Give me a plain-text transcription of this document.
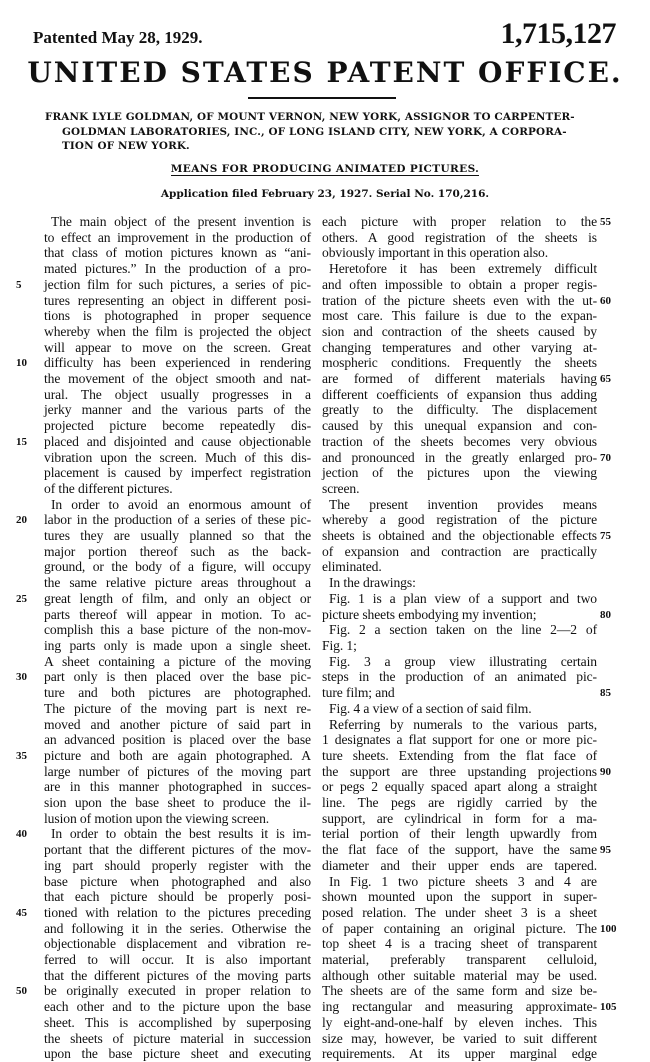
Patented May 28, 1929.	1,715,127
UNITED STATES PATENT OFFICE.
FRANK LYLE GOLDMAN, OF MOUNT VERNON, NEW YORK, ASSIGNOR TO CARPENTER-
GOLDMAN LABORATORIES, INC., OF LONG ISLAND CITY, NEW YORK, A CORPORA-
TION OF NEW YORK.
MEANS FOR PRODUCING ANIMATED PICTURES.
Application filed February 23, 1927. Serial No. 170,216.
The main object of the present invention is
to effect an improvement in the production of
that class of motion pictures known as “ani-
mated pictures.” In the production of a pro-
jection film for such pictures, a series of pic-
tures representing an object in different posi-
tions is photographed in proper sequence
whereby when the film is projected the object
will appear to move on the screen. Great
difficulty has been experienced in rendering
the movement of the object smooth and nat-
ural. The object usually progresses in a
jerky manner and the various parts of the
projected picture become repeatedly dis-
placed and disjointed and cause objectionable
vibration upon the screen. Much of this dis-
placement is caused by imperfect registration
of the different pictures.
In order to avoid an enormous amount of
labor in the production of a series of these pic-
tures they are usually planned so that the
major portion thereof such as the back-
ground, or the body of a figure, will occupy
the same relative picture areas throughout a
great length of film, and only an object or
parts thereof will appear in motion. To ac-
complish this a base picture of the non-mov-
ing parts only is made upon a single sheet.
A sheet containing a picture of the moving
part only is then placed over the base pic-
ture and both pictures are photographed.
The picture of the moving part is next re-
moved and another picture of said part in
an advanced position is placed over the base
picture and both are again photographed. A
large number of pictures of the moving part
are in this manner photographed in succes-
sion upon the base sheet to produce the il-
lusion of motion upon the viewing screen.
In order to obtain the best results it is im-
portant that the different pictures of the mov-
ing part should properly register with the
base picture when photographed and also
that each picture should be properly posi-
tioned with relation to the pictures preceding
and following it in the series. Otherwise the
objectionable displacement and vibration re-
ferred to will occur. It is also important
that the different pictures of the moving parts
be originally executed in proper relation to
each other and to the picture upon the base
sheet. This is accomplished by superposing
the sheets of picture material in succession
upon the base picture sheet and executing
each picture with proper relation to the
others. A good registration of the sheets is
obviously important in this operation also.
Heretofore it has been extremely difficult
and often impossible to obtain a proper regis-
tration of the picture sheets even with the ut-
most care. This failure is due to the expan-
sion and contraction of the sheets caused by
changing temperatures and other varying at-
mospheric conditions. Frequently the sheets
are formed of different materials having
different coefficients of expansion thus adding
greatly to the difficulty. The displacement
caused by this unequal expansion and con-
traction of the sheets becomes very obvious
and pronounced in the greatly enlarged pro-
jection of the pictures upon the viewing
screen.
The present invention provides means
whereby a good registration of the picture
sheets is obtained and the objectionable effects
of expansion and contraction are practically
eliminated.
In the drawings:
Fig. 1 is a plan view of a support and two
picture sheets embodying my invention;
Fig. 2 a section taken on the line 2—2 of
Fig. 1;
Fig. 3 a group view illustrating certain
steps in the production of an animated pic-
ture film; and
Fig. 4 a view of a section of said film.
Referring by numerals to the various parts,
1 designates a flat support for one or more pic-
ture sheets. Extending from the flat face of
the support are three upstanding projections
or pegs 2 equally spaced apart along a straight
line. The pegs are rigidly carried by the
support, are cylindrical in form for a ma-
terial portion of their length upwardly from
the flat face of the support, have the same
diameter and their upper ends are tapered.
In Fig. 1 two picture sheets 3 and 4 are
shown mounted upon the support in super-
posed relation. The under sheet 3 is a sheet
of paper containing an original picture. The
top sheet 4 is a tracing sheet of transparent
material, preferably transparent celluloid,
although other suitable material may be used.
The sheets are of the same form and size be-
ing rectangular and measuring approximate-
ly eight-and-one-half by eleven inches. This
size may, however, be varied to suit different
requirements. At its upper marginal edge
5
10
15
20
25
30
35
40
45
50
55
60
65
70
75
80
85
90
95
100
105
